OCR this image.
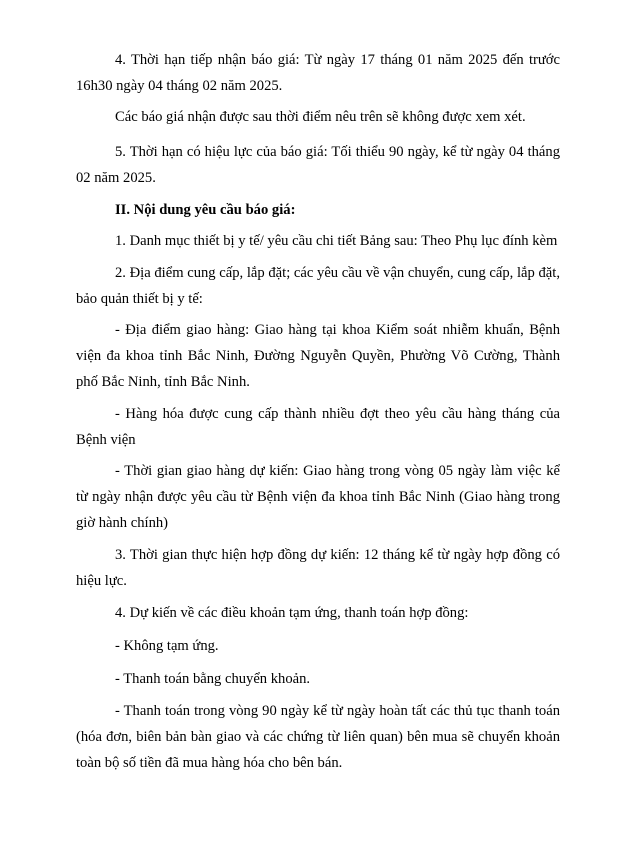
4. Thời hạn tiếp nhận báo giá: Từ ngày 17 tháng 01 năm 2025 đến trước 16h30 ngày 04 tháng 02 năm 2025.

Các báo giá nhận được sau thời điểm nêu trên sẽ không được xem xét.

5. Thời hạn có hiệu lực của báo giá: Tối thiểu 90 ngày, kể từ ngày 04 tháng 02 năm 2025.

II. Nội dung yêu cầu báo giá:

1. Danh mục thiết bị y tế/ yêu cầu chi tiết Bảng sau: Theo Phụ lục đính kèm

2. Địa điểm cung cấp, lắp đặt; các yêu cầu về vận chuyển, cung cấp, lắp đặt, bảo quản thiết bị y tế:

- Địa điểm giao hàng: Giao hàng tại khoa Kiểm soát nhiễm khuẩn, Bệnh viện đa khoa tỉnh Bắc Ninh, Đường Nguyễn Quyền, Phường Võ Cường, Thành phố Bắc Ninh, tỉnh Bắc Ninh.

- Hàng hóa được cung cấp thành nhiều đợt theo yêu cầu hàng tháng của Bệnh viện

- Thời gian giao hàng dự kiến: Giao hàng trong vòng 05 ngày làm việc kể từ ngày nhận được yêu cầu từ Bệnh viện đa khoa tỉnh Bắc Ninh (Giao hàng trong giờ hành chính)

3. Thời gian thực hiện hợp đồng dự kiến: 12 tháng kể từ ngày hợp đồng có hiệu lực.

4. Dự kiến về các điều khoản tạm ứng, thanh toán hợp đồng:

- Không tạm ứng.

- Thanh toán bằng chuyển khoản.

- Thanh toán trong vòng 90 ngày kể từ ngày hoàn tất các thủ tục thanh toán (hóa đơn, biên bản bàn giao và các chứng từ liên quan) bên mua sẽ chuyển khoản toàn bộ số tiền đã mua hàng hóa cho bên bán.
